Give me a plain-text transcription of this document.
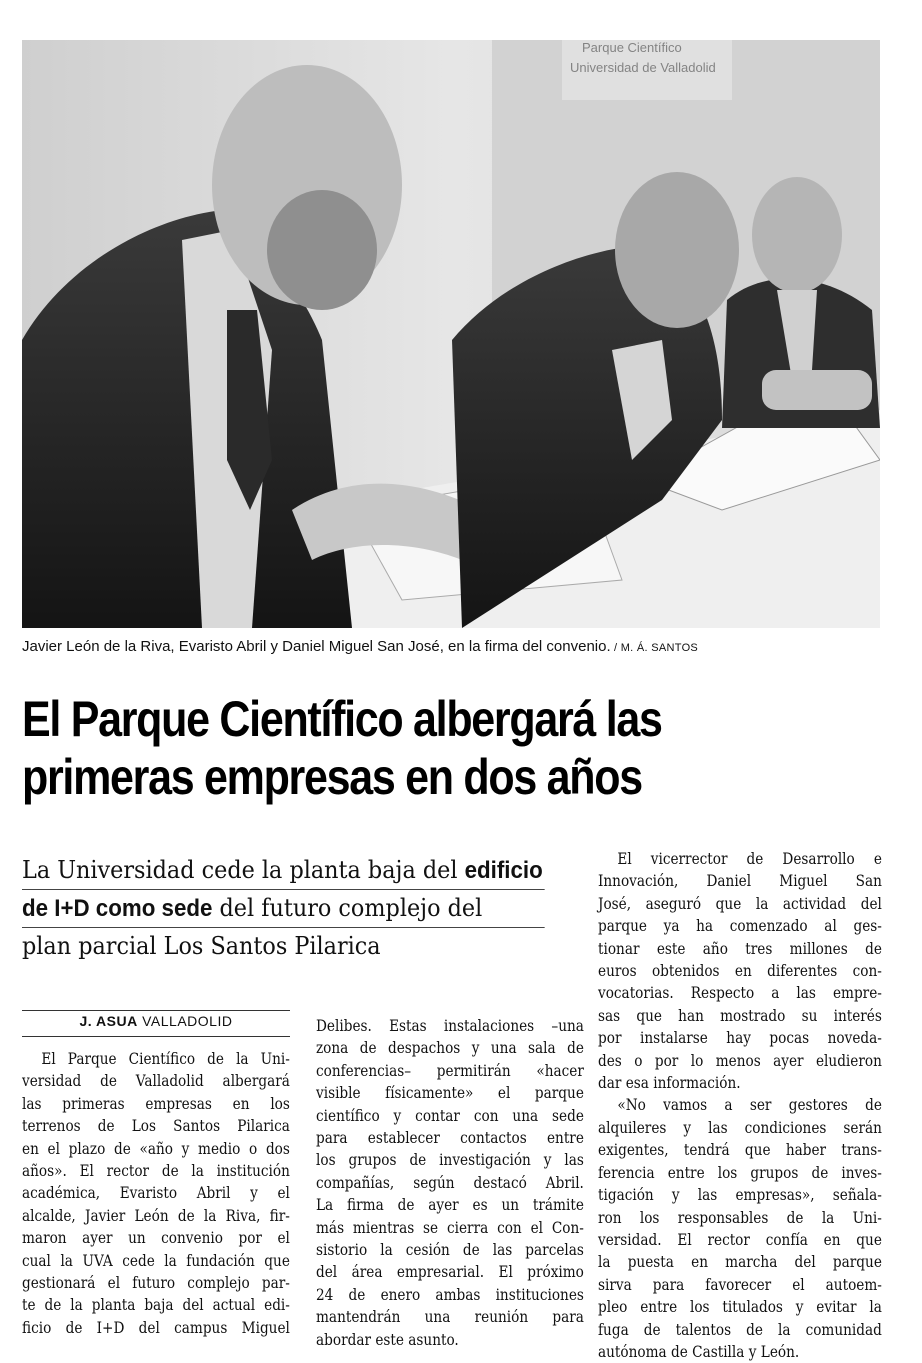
Parque Científico
Universidad de Valladolid
Javier León de la Riva, Evaristo Abril y Daniel Miguel San José, en la firma del convenio. / M. Á. SANTOS
El Parque Científico albergará las
primeras empresas en dos años
La Universidad cede la planta baja del edificio
de I+D como sede del futuro complejo del
plan parcial Los Santos Pilarica
J. ASUA VALLADOLID
El Parque Científico de la Uni-
versidad de Valladolid albergará
las primeras empresas en los
terrenos de Los Santos Pilarica
en el plazo de «año y medio o dos
años». El rector de la institución
académica, Evaristo Abril y el
alcalde, Javier León de la Riva, fir-
maron ayer un convenio por el
cual la UVA cede la fundación que
gestionará el futuro complejo par-
te de la planta baja del actual edi-
ficio de I+D del campus Miguel
Delibes. Estas instalaciones –una
zona de despachos y una sala de
conferencias– permitirán «hacer
visible físicamente» el parque
científico y contar con una sede
para establecer contactos entre
los grupos de investigación y las
compañías, según destacó Abril.
La firma de ayer es un trámite
más mientras se cierra con el Con-
sistorio la cesión de las parcelas
del área empresarial. El próximo
24 de enero ambas instituciones
mantendrán una reunión para
abordar este asunto.
El vicerrector de Desarrollo e
Innovación, Daniel Miguel San
José, aseguró que la actividad del
parque ya ha comenzado al ges-
tionar este año tres millones de
euros obtenidos en diferentes con-
vocatorias. Respecto a las empre-
sas que han mostrado su interés
por instalarse hay pocas noveda-
des o por lo menos ayer eludieron
dar esa información.
«No vamos a ser gestores de
alquileres y las condiciones serán
exigentes, tendrá que haber trans-
ferencia entre los grupos de inves-
tigación y las empresas», señala-
ron los responsables de la Uni-
versidad. El rector confía en que
la puesta en marcha del parque
sirva para favorecer el autoem-
pleo entre los titulados y evitar la
fuga de talentos de la comunidad
autónoma de Castilla y León.
